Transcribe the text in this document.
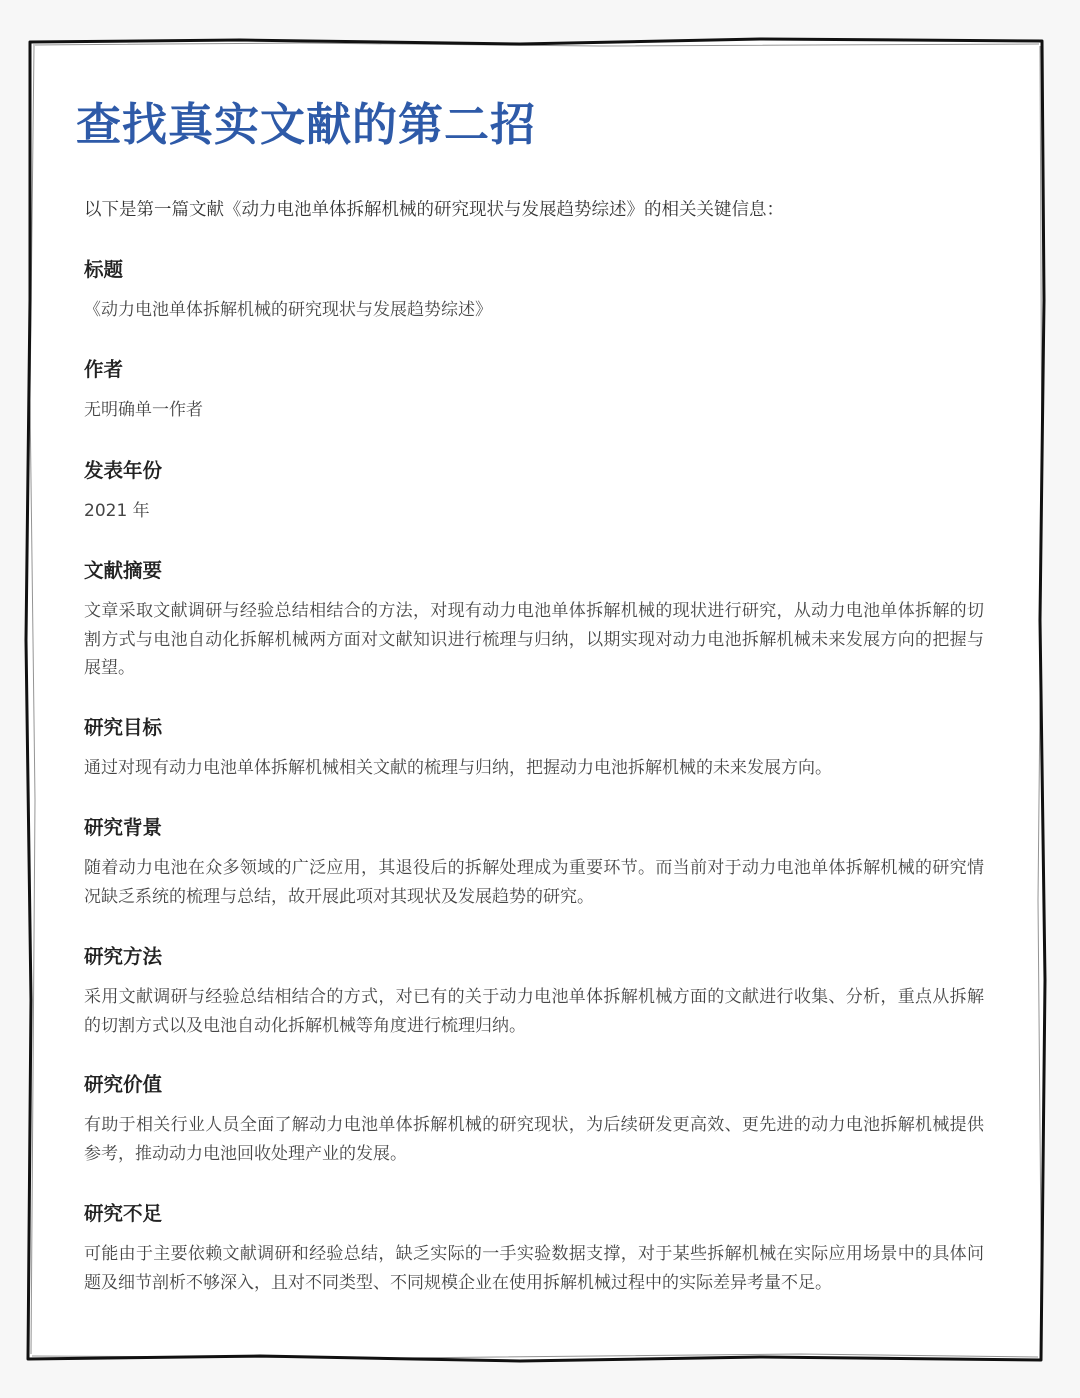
查找真实文献的第二招

以下是第一篇文献《动力电池单体拆解机械的研究现状与发展趋势综述》的相关关键信息：

标题

《动力电池单体拆解机械的研究现状与发展趋势综述》

作者

无明确单一作者

发表年份

2021 年

文献摘要

文章采取文献调研与经验总结相结合的方法，对现有动力电池单体拆解机械的现状进行研究，从动力电池单体拆解的切割方式与电池自动化拆解机械两方面对文献知识进行梳理与归纳，以期实现对动力电池拆解机械未来发展方向的把握与展望。

研究目标

通过对现有动力电池单体拆解机械相关文献的梳理与归纳，把握动力电池拆解机械的未来发展方向。

研究背景

随着动力电池在众多领域的广泛应用，其退役后的拆解处理成为重要环节。而当前对于动力电池单体拆解机械的研究情况缺乏系统的梳理与总结，故开展此项对其现状及发展趋势的研究。

研究方法

采用文献调研与经验总结相结合的方式，对已有的关于动力电池单体拆解机械方面的文献进行收集、分析，重点从拆解的切割方式以及电池自动化拆解机械等角度进行梳理归纳。

研究价值

有助于相关行业人员全面了解动力电池单体拆解机械的研究现状，为后续研发更高效、更先进的动力电池拆解机械提供参考，推动动力电池回收处理产业的发展。

研究不足

可能由于主要依赖文献调研和经验总结，缺乏实际的一手实验数据支撑，对于某些拆解机械在实际应用场景中的具体问题及细节剖析不够深入，且对不同类型、不同规模企业在使用拆解机械过程中的实际差异考量不足。
